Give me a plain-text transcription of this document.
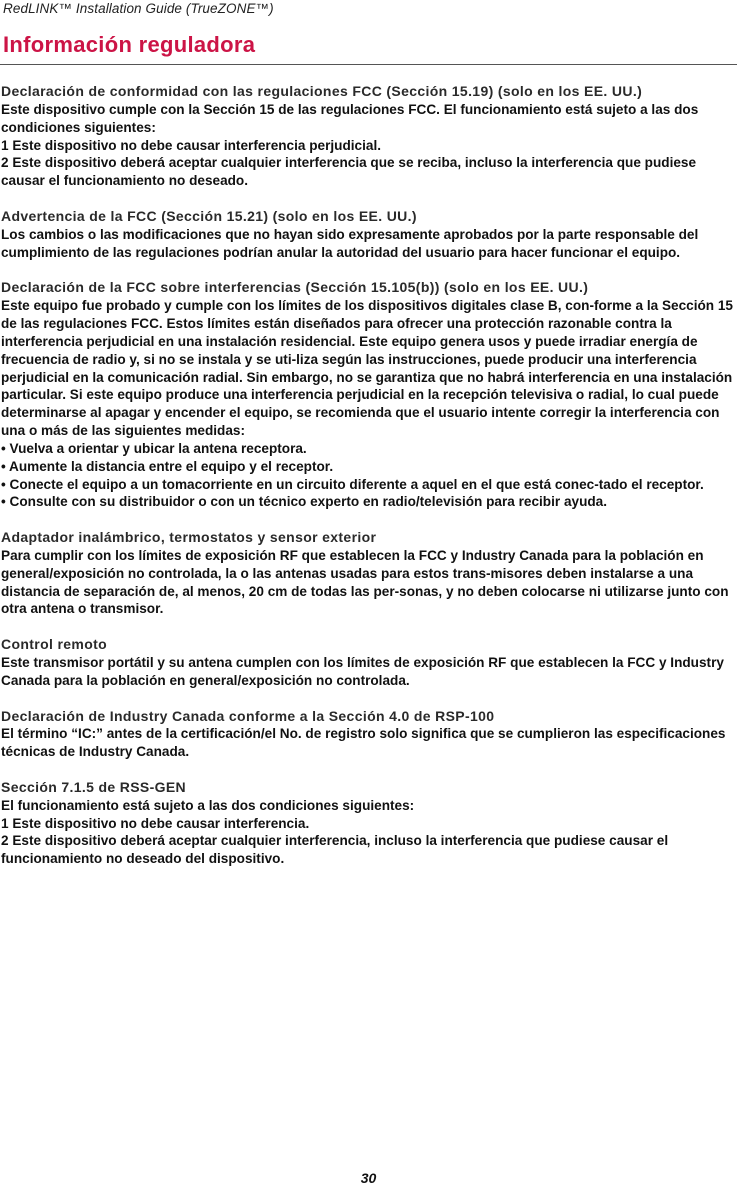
RedLINK™ Installation Guide (TrueZONE™)
Información reguladora
Declaración de conformidad con las regulaciones FCC (Sección 15.19) (solo en los EE. UU.)

Este dispositivo cumple con la Sección 15 de las regulaciones FCC. El funcionamiento está sujeto a las dos condiciones siguientes:

1 Este dispositivo no debe causar interferencia perjudicial.

2 Este dispositivo deberá aceptar cualquier interferencia que se reciba, incluso la interferencia que pudiese causar el funcionamiento no deseado.

Advertencia de la FCC (Sección 15.21) (solo en los EE. UU.)

Los cambios o las modificaciones que no hayan sido expresamente aprobados por la parte responsable del cumplimiento de las regulaciones podrían anular la autoridad del usuario para hacer funcionar el equipo.

Declaración de la FCC sobre interferencias (Sección 15.105(b)) (solo en los EE. UU.)

Este equipo fue probado y cumple con los límites de los dispositivos digitales clase B, con-forme a la Sección 15 de las regulaciones FCC. Estos límites están diseñados para ofrecer una protección razonable contra la interferencia perjudicial en una instalación residencial. Este equipo genera usos y puede irradiar energía de frecuencia de radio y, si no se instala y se uti-liza según las instrucciones, puede producir una interferencia perjudicial en la comunicación radial. Sin embargo, no se garantiza que no habrá interferencia en una instalación particular. Si este equipo produce una interferencia perjudicial en la recepción televisiva o radial, lo cual puede determinarse al apagar y encender el equipo, se recomienda que el usuario intente corregir la interferencia con una o más de las siguientes medidas:

• Vuelva a orientar y ubicar la antena receptora.

• Aumente la distancia entre el equipo y el receptor.

• Conecte el equipo a un tomacorriente en un circuito diferente a aquel en el que está conec-tado el receptor.

• Consulte con su distribuidor o con un técnico experto en radio/televisión para recibir ayuda.

Adaptador inalámbrico, termostatos y sensor exterior

Para cumplir con los límites de exposición RF que establecen la FCC y Industry Canada para la población en general/exposición no controlada, la o las antenas usadas para estos trans-misores deben instalarse a una distancia de separación de, al menos, 20 cm de todas las per-sonas, y no deben colocarse ni utilizarse junto con otra antena o transmisor.

Control remoto

Este transmisor portátil y su antena cumplen con los límites de exposición RF que establecen la FCC y Industry Canada para la población en general/exposición no controlada.

Declaración de Industry Canada conforme a la Sección 4.0 de RSP-100

El término “IC:” antes de la certificación/el No. de registro solo significa que se cumplieron las especificaciones técnicas de Industry Canada.

Sección 7.1.5 de RSS-GEN

El funcionamiento está sujeto a las dos condiciones siguientes:

1 Este dispositivo no debe causar interferencia.

2 Este dispositivo deberá aceptar cualquier interferencia, incluso la interferencia que pudiese causar el funcionamiento no deseado del dispositivo.

30
